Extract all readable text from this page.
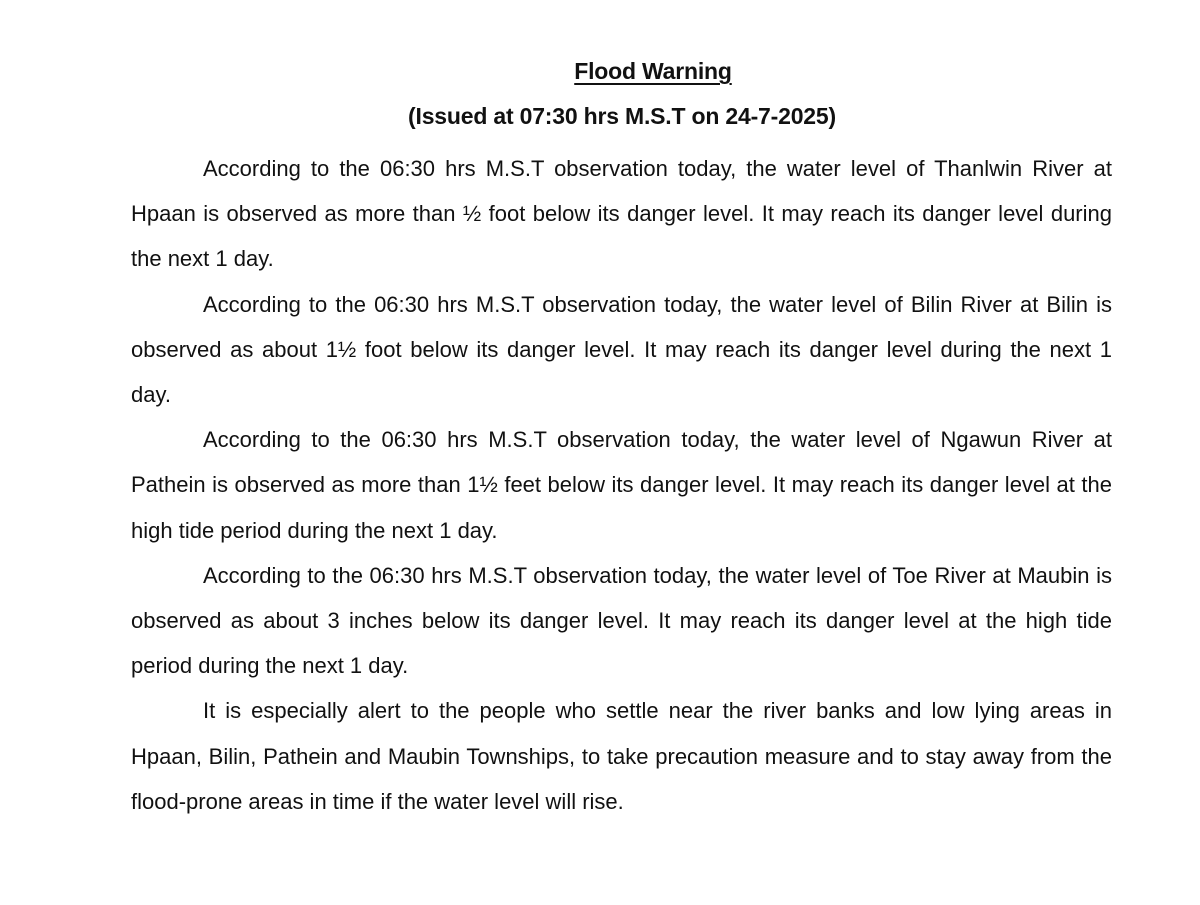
Flood Warning
(Issued at 07:30 hrs M.S.T on 24-7-2025)

According to the 06:30 hrs M.S.T observation today, the water level of Thanlwin River at Hpaan is observed as more than ½ foot below its danger level. It may reach its danger level during the next 1 day.

According to the 06:30 hrs M.S.T observation today, the water level of Bilin River at Bilin is observed as about 1½ foot below its danger level. It may reach its danger level during the next 1 day.

According to the 06:30 hrs M.S.T observation today, the water level of Ngawun River at Pathein is observed as more than 1½ feet below its danger level. It may reach its danger level at the high tide period during the next 1 day.

According to the 06:30 hrs M.S.T observation today, the water level of Toe River at Maubin is observed as about 3 inches below its danger level. It may reach its danger level at the high tide period during the next 1 day.

It is especially alert to the people who settle near the river banks and low lying areas in Hpaan, Bilin, Pathein and Maubin Townships, to take precaution measure and to stay away from the flood-prone areas in time if the water level will rise.
